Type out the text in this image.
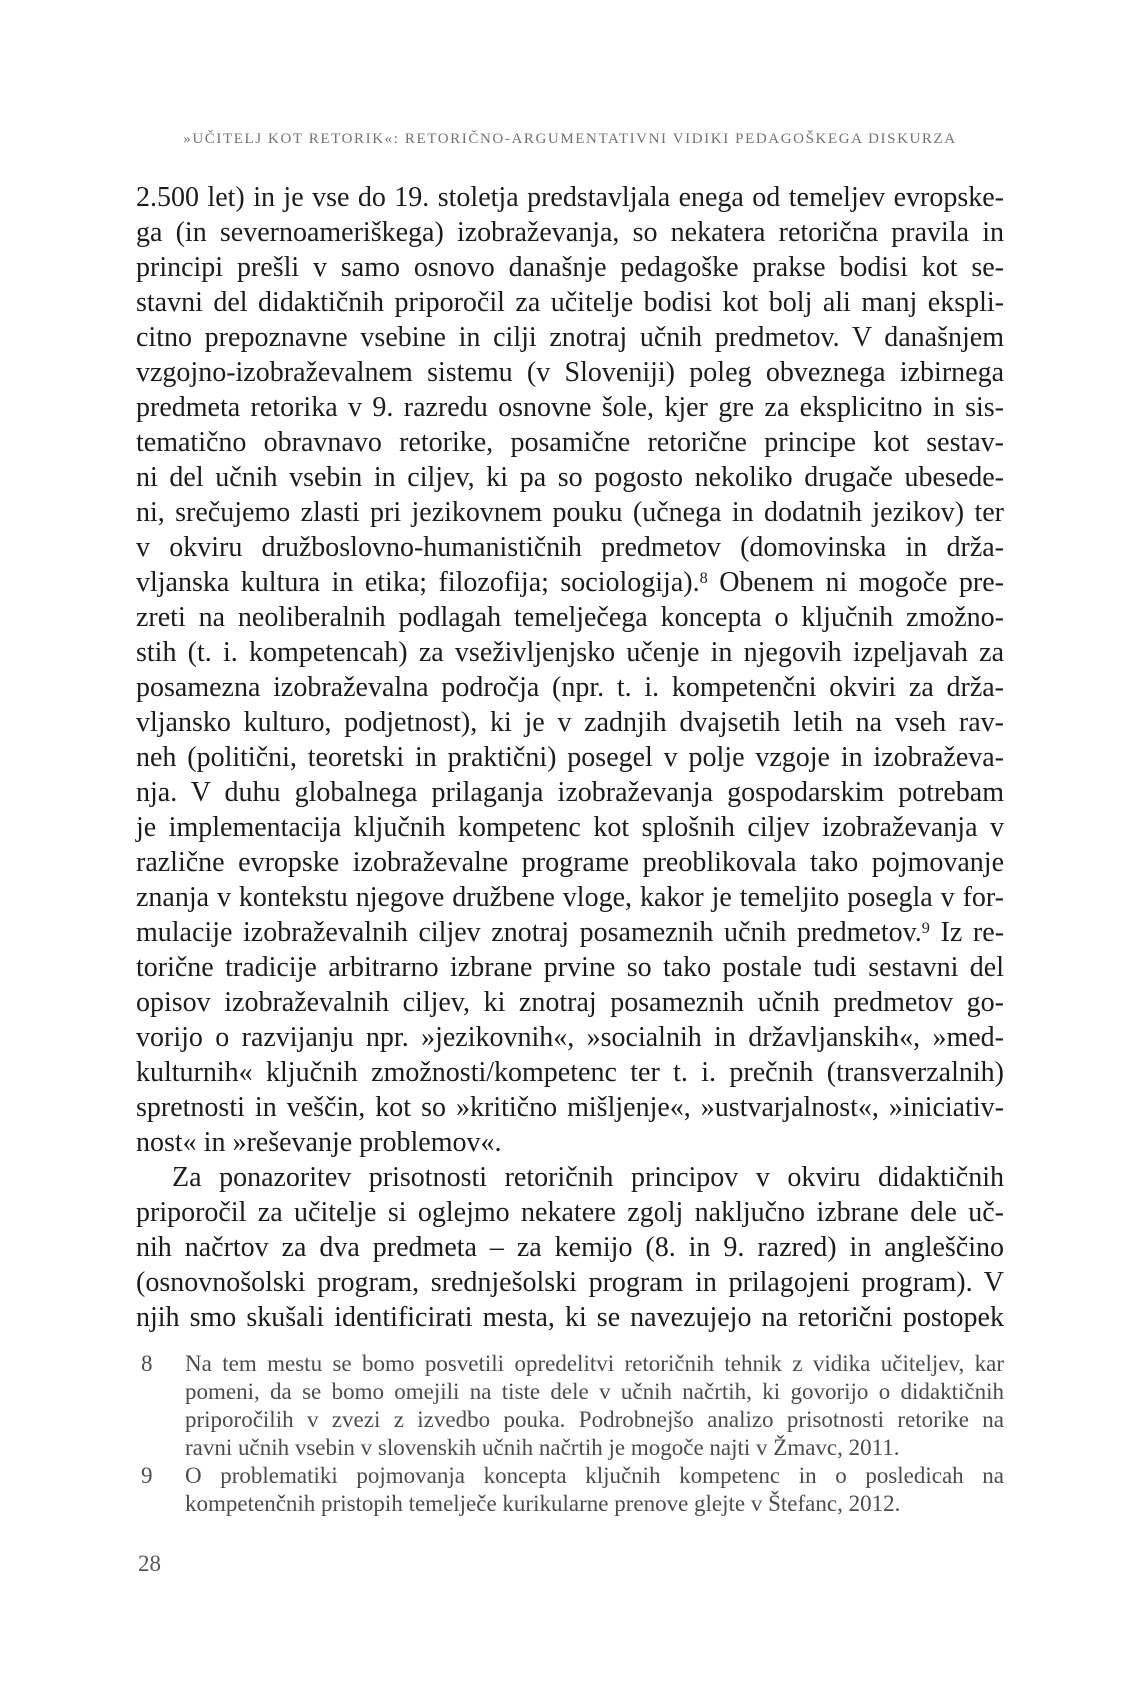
»UČITELJ KOT RETORIK«: RETORIČNO-ARGUMENTATIVNI VIDIKI PEDAGOŠKEGA DISKURZA
2.500 let) in je vse do 19. stoletja predstavljala enega od temeljev evropske-
ga (in severnoameriškega) izobraževanja, so nekatera retorična pravila in
principi prešli v samo osnovo današnje pedagoške prakse bodisi kot se-
stavni del didaktičnih priporočil za učitelje bodisi kot bolj ali manj ekspli-
citno prepoznavne vsebine in cilji znotraj učnih predmetov. V današnjem
vzgojno-izobraževalnem sistemu (v Sloveniji) poleg obveznega izbirnega
predmeta retorika v 9. razredu osnovne šole, kjer gre za eksplicitno in sis-
tematično obravnavo retorike, posamične retorične principe kot sestav-
ni del učnih vsebin in ciljev, ki pa so pogosto nekoliko drugače ubesede-
ni, srečujemo zlasti pri jezikovnem pouku (učnega in dodatnih jezikov) ter
v okviru družboslovno-humanističnih predmetov (domovinska in drža-
vljanska kultura in etika; filozofija; sociologija).$^8$ Obenem ni mogoče pre-
zreti na neoliberalnih podlagah temelječega koncepta o ključnih zmožno-
stih (t. i. kompetencah) za vseživljenjsko učenje in njegovih izpeljavah za
posamezna izobraževalna področja (npr. t. i. kompetenčni okviri za drža-
vljansko kulturo, podjetnost), ki je v zadnjih dvajsetih letih na vseh rav-
neh (politični, teoretski in praktični) posegel v polje vzgoje in izobraževa-
nja. V duhu globalnega prilaganja izobraževanja gospodarskim potrebam
je implementacija ključnih kompetenc kot splošnih ciljev izobraževanja v
različne evropske izobraževalne programe preoblikovala tako pojmovanje
znanja v kontekstu njegove družbene vloge, kakor je temeljito posegla v for-
mulacije izobraževalnih ciljev znotraj posameznih učnih predmetov.$^9$ Iz re-
torične tradicije arbitrarno izbrane prvine so tako postale tudi sestavni del
opisov izobraževalnih ciljev, ki znotraj posameznih učnih predmetov go-
vorijo o razvijanju npr. »jezikovnih«, »socialnih in državljanskih«, »med-
kulturnih« ključnih zmožnosti/kompetenc ter t. i. prečnih (transverzalnih)
spretnosti in veščin, kot so »kritično mišljenje«, »ustvarjalnost«, »iniciativ-
nost« in »reševanje problemov«.
Za ponazoritev prisotnosti retoričnih principov v okviru didaktičnih
priporočil za učitelje si oglejmo nekatere zgolj naključno izbrane dele uč-
nih načrtov za dva predmeta – za kemijo (8. in 9. razred) in angleščino
(osnovnošolski program, srednješolski program in prilagojeni program). V
njih smo skušali identificirati mesta, ki se navezujejo na retorični postopek
8	Na tem mestu se bomo posvetili opredelitvi retoričnih tehnik z vidika učiteljev, kar
pomeni, da se bomo omejili na tiste dele v učnih načrtih, ki govorijo o didaktičnih
priporočilih v zvezi z izvedbo pouka. Podrobnejšo analizo prisotnosti retorike na
ravni učnih vsebin v slovenskih učnih načrtih je mogoče najti v Žmavc, 2011.
9	O problematiki pojmovanja koncepta ključnih kompetenc in o posledicah na
kompetenčnih pristopih temelječe kurikularne prenove glejte v Štefanc, 2012.
28
